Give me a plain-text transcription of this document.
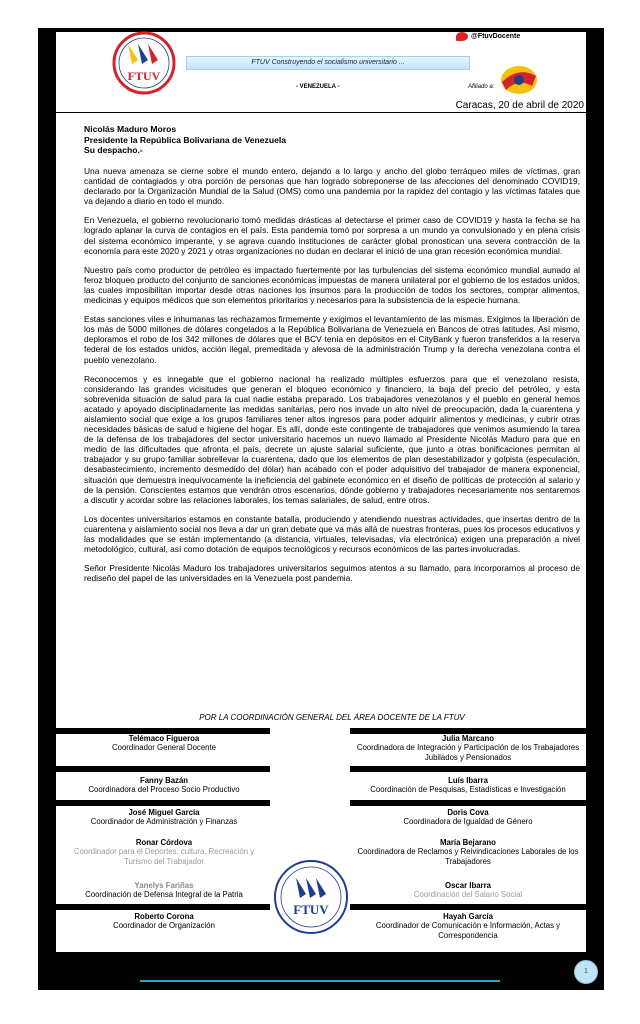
FTUV
@FtuvDocente
FTUV Construyendo el socialismo universitario ...
- VENEZUELA -	Afiliado a:
Caracas, 20 de abril de 2020
Nicolás Maduro Moros
Presidente la República Bolivariana de Venezuela
Su despacho.-

Una nueva amenaza se cierne sobre el mundo entero, dejando a lo largo y ancho del globo terráqueo miles de víctimas, gran cantidad de contagiados y otra porción de personas que han logrado sobreponerse de las afecciones del denominado COVID19, declarado por la Organización Mundial de la Salud (OMS) como una pandemia por la rapidez del contagio y las víctimas fatales que va dejando a diario en todo el mundo.

En Venezuela, el gobierno revolucionario tomó medidas drásticas al detectarse el primer caso de COVID19 y hasta la fecha se ha logrado aplanar la curva de contagios en el país. Esta pandemia tomó por sorpresa a un mundo ya convulsionado y en plena crisis del sistema económico imperante, y se agrava cuando instituciones de carácter global pronostican una severa contracción de la economía para este 2020 y 2021 y otras organizaciones no dudan en declarar el inició de una gran recesión económica mundial.

Nuestro país como productor de petróleo es impactado fuertemente por las turbulencias del sistema económico mundial aunado al feroz bloqueo producto del conjunto de sanciones económicas impuestas de manera unilateral por el gobierno de los estados unidos, las cuales imposibilitan importar desde otras naciones los insumos para la producción de todos los sectores, comprar alimentos, medicinas y equipos médicos que son elementos prioritarios y necesarios para la subsistencia de la especie humana.

Estas sanciones viles e inhumanas las rechazamos firmemente y exigimos el levantamiento de las mismas. Exigimos la liberación de los más de 5000 millones de dólares congelados a la República Bolivariana de Venezuela en Bancos de otras latitudes. Así mismo, deploramos el robo de los 342 millones de dólares que el BCV tenía en depósitos en el CityBank y fueron transferidos a la reserva federal de los estados unidos, acción ilegal, premeditada y alevosa de la administración Trump y la derecha venezolana contra el pueblo venezolano.

Reconocemos y es innegable que el gobierno nacional ha realizado múltiples esfuerzos para que el venezolano resista, considerando las grandes vicisitudes que generan el bloqueo económico y financiero, la baja del precio del petróleo, y esta sobrevenida situación de salud para la cual nadie estaba preparado. Los trabajadores venezolanos y el pueblo en general hemos acatado y apoyado disciplinadamente las medidas sanitarias, pero nos invade un alto nivel de preocupación, dada la cuarentena y aislamiento social que exige a los grupos familiares tener altos ingresos para poder adquirir alimentos y medicinas, y cubrir otras necesidades básicas de salud e higiene del hogar. Es allí, donde este contingente de trabajadores que venimos asumiendo la tarea de la defensa de los trabajadores del sector universitario hacemos un nuevo llamado al Presidente Nicolás Maduro para que en medio de las dificultades que afronta el país, decrete un ajuste salarial suficiente, que junto a otras bonificaciones permitan al trabajador y su grupo familiar sobrellevar la cuarentena, dado que los elementos de plan desestabilizador y golpista (especulación, desabastecimiento, incremento desmedido del dólar) han acabado con el poder adquisitivo del trabajador de manera exponencial, situación que demuestra inequívocamente la ineficiencia del gabinete económico en el diseño de políticas de protección al salario y de la pensión. Conscientes estamos que vendrán otros escenarios, dónde gobierno y trabajadores necesariamente nos sentaremos a discutir y acordar sobre las relaciones laborales, los temas salariales, de salud, entre otros.

Los docentes universitarios estamos en constante batalla, produciendo y atendiendo nuestras actividades, que insertas dentro de la cuarentena y aislamiento social nos lleva a dar un gran debate que va más allá de nuestras fronteras, pues los procesos educativos y las modalidades que se están implementando (a distancia, virtuales, televisadas, vía electrónica) exigen una preparación a nivel metodológico, cultural, así como dotación de equipos tecnológicos y recursos económicos de las partes involucradas.

Señor Presidente Nicolás Maduro los trabajadores universitarios seguimos atentos a su llamado, para incorporarnos al proceso de rediseño del papel de las universidades en la Venezuela post pandemia.

POR LA COORDINACIÓN GENERAL DEL ÁREA DOCENTE DE LA FTUV
Telémaco Figueroa
Coordinador General Docente
Fanny Bazán
Coordinadora del Proceso Socio Productivo
José Miguel García
Coordinador de Administración y Finanzas
Ronar Córdova
Coordinador para el Deportes, cultura, Recreación y Turismo del Trabajador
Yanelys Fariñas
Coordinación de Defensa Integral de la Patria
Roberto Corona
Coordinador de Organización
Julia Marcano
Coordinadora de Integración y Participación de los Trabajadores Jubilados y Pensionados
Luís Ibarra
Coordinación de Pesquisas, Estadísticas e Investigación
Doris Cova
Coordinadora de Igualdad de Género
María Bejarano
Coordinadora de Reclamos y Reivindicaciones Laborales de los Trabajadores
Oscar Ibarra
Coordinación del Salario Social
Hayah García
Coordinador de Comunicación e Información, Actas y Correspondencia
FTUV
1
